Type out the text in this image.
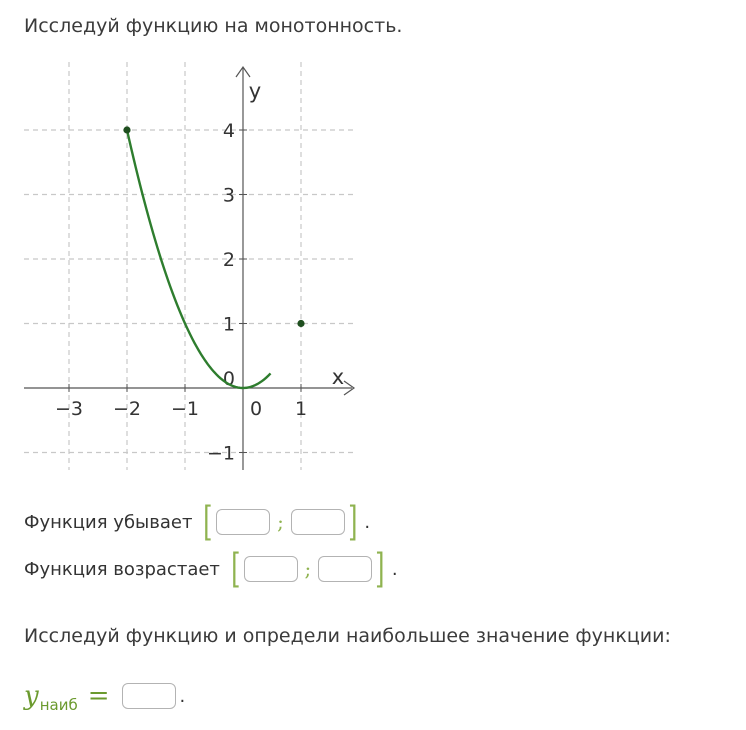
Исследуй функцию на монотонность.
−3 −2 −1	0 1
4
3
2
1
0
−1
x
y
Функция убывает [	; ] .
Функция возрастает [	; ] .
Исследуй функцию и определи наибольшее значение функции:
y наиб =	.
